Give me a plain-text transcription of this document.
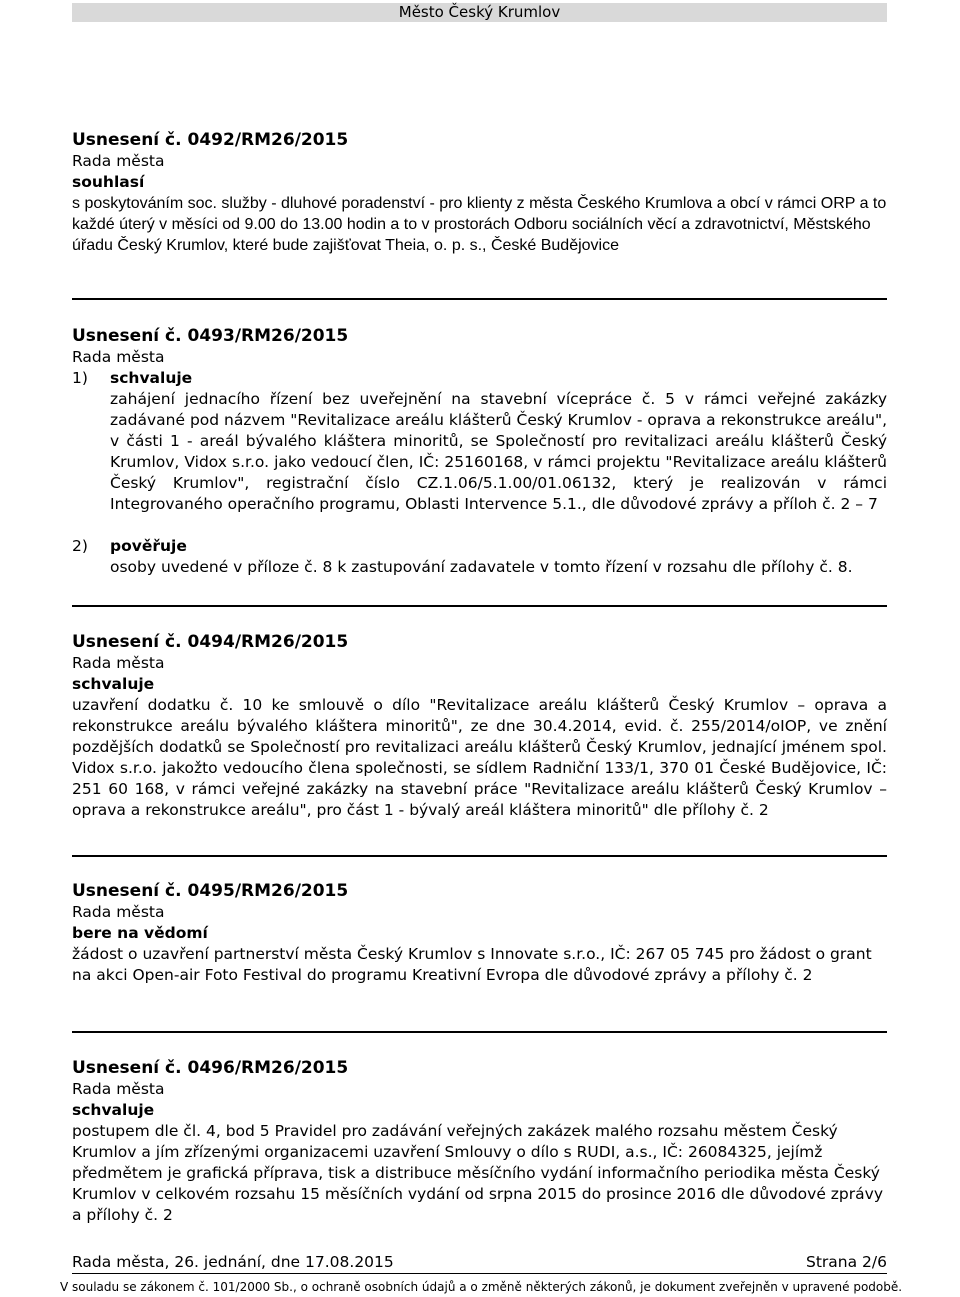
Město Český Krumlov
Usnesení č. 0492/RM26/2015
Rada města
souhlasí
s poskytováním soc. služby - dluhové poradenství - pro klienty z města Českého Krumlova a obcí v rámci ORP a to každé úterý v měsíci od 9.00 do 13.00 hodin a to v prostorách Odboru sociálních věcí a zdravotnictví, Městského úřadu Český Krumlov, které bude zajišťovat Theia, o. p. s., České Budějovice
Usnesení č. 0493/RM26/2015
Rada města
1)	schvaluje
zahájení jednacího řízení bez uveřejnění na stavební vícepráce č. 5 v rámci veřejné zakázky zadávané pod názvem "Revitalizace areálu klášterů Český Krumlov - oprava a rekonstrukce areálu", v části 1 - areál bývalého kláštera minoritů, se Společností pro revitalizaci areálu klášterů Český Krumlov, Vidox s.r.o. jako vedoucí člen, IČ: 25160168, v rámci projektu "Revitalizace areálu klášterů Český Krumlov", registrační číslo CZ.1.06/5.1.00/01.06132, který je realizován v rámci Integrovaného operačního programu, Oblasti Intervence 5.1., dle důvodové zprávy a příloh č. 2 – 7
2)	pověřuje
osoby uvedené v příloze č. 8 k zastupování zadavatele v tomto řízení v rozsahu dle přílohy č. 8.
Usnesení č. 0494/RM26/2015
Rada města
schvaluje
uzavření dodatku č. 10 ke smlouvě o dílo "Revitalizace areálu klášterů Český Krumlov – oprava a rekonstrukce areálu bývalého kláštera minoritů", ze dne 30.4.2014, evid. č. 255/2014/oIOP, ve znění pozdějších dodatků se Společností pro revitalizaci areálu klášterů Český Krumlov, jednající jménem spol. Vidox s.r.o. jakožto vedoucího člena společnosti, se sídlem Radniční 133/1, 370 01 České Budějovice, IČ: 251 60 168, v rámci veřejné zakázky na stavební práce "Revitalizace areálu klášterů Český Krumlov – oprava a rekonstrukce areálu", pro část 1 - bývalý areál kláštera minoritů" dle přílohy č. 2
Usnesení č. 0495/RM26/2015
Rada města
bere na vědomí
žádost o uzavření partnerství města Český Krumlov s Innovate s.r.o., IČ: 267 05 745 pro žádost o grant na akci Open-air Foto Festival do programu Kreativní Evropa dle důvodové zprávy a přílohy č. 2
Usnesení č. 0496/RM26/2015
Rada města
schvaluje
postupem dle čl. 4, bod 5 Pravidel pro zadávání veřejných zakázek malého rozsahu městem Český Krumlov a jím zřízenými organizacemi uzavření Smlouvy o dílo s RUDI, a.s., IČ: 26084325, jejímž předmětem je grafická příprava, tisk a distribuce měsíčního vydání informačního periodika města Český Krumlov v celkovém rozsahu 15 měsíčních vydání od srpna 2015 do prosince 2016 dle důvodové zprávy a přílohy č. 2
Rada města, 26. jednání, dne 17.08.2015	Strana 2/6
V souladu se zákonem č. 101/2000 Sb., o ochraně osobních údajů a o změně některých zákonů, je dokument zveřejněn v upravené podobě.
